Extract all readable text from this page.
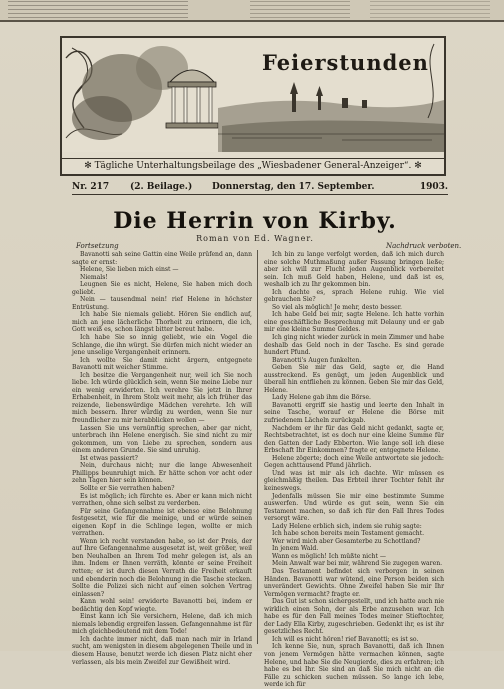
Feierstunden
✻ Tägliche Unterhaltungsbeilage des „Wiesbadener General-Anzeiger“. ✻
Nr. 217 (2. Beilage.) Donnerstag, den 17. September.	1903.
Die Herrin von Kirby.
Roman von Ed. Wagner.
Fortsetzung	Nachdruck verboten.

Bavanotti sah seine Gattin eine Weile prüfend an, dann sagte er ernst:

Helene, Sie lieben mich einst —

Niemals!

Leugnen Sie es nicht, Helene, Sie haben mich doch geliebt.

Nein — tausendmal nein! rief Helene in höchster Entrüstung.

Ich habe Sie niemals geliebt. Hören Sie endlich auf, mich an jene lächerliche Thorheit zu erinnern, die ich, Gott weiß es, schon längst bitter bereut habe.

Ich habe Sie so innig geliebt, wie ein Vogel die Schlange, die ihn würgt. Sie dürfen mich nicht wieder an jene unselige Vergangenheit erinnern.

Ich wollte Sie damit nicht ärgern, entgegnete Bavanotti mit weicher Stimme.

Ich besitze die Vergangenheit nur, weil ich Sie noch liebe. Ich würde glücklich sein, wenn Sie meine Liebe nur ein wenig erwiderten. Ich verehre Sie jetzt in Ihrer Erhabenheit, in Ihrem Stolz weit mehr, als ich früher das reizende, liebenswürdige Mädchen verehrte. Ich will mich bessern. Ihrer würdig zu werden, wenn Sie nur freundlicher zu mir herabblicken wollen —

Lassen Sie uns vernünftig sprechen, aber gar nicht, unterbrach ihn Helene energisch. Sie sind nicht zu mir gekommen, um von Liebe zu sprechen, sondern aus einem anderen Grunde. Sie sind unruhig.

Ist etwas passiert?

Nein, durchaus nicht; nur die lange Abwesenheit Phillipps beunruhigt mich. Er hätte schon vor acht oder zehn Tagen hier sein können.

Sollte er Sie verrathen haben?

Es ist möglich; ich fürchte es. Aber er kann mich nicht verrathen, ohne sich selbst zu verderben.

Für seine Gefangennahme ist ebenso eine Belohnung festgesetzt, wie für die meinige, und er würde seinen eigenen Kopf in die Schlinge legen, wollte er mich verrathen.

Wenn ich recht verstanden habe, so ist der Preis, der auf Ihre Gefangennahme ausgesetzt ist, weit größer, weil ben Neuhalben an Ihrem Tod mehr gelegen ist, als an ihm. Indem er Ihnen verräth, könnte er seine Freiheit retten; er ist durch diesen Verrath die Freiheit erkauft und ebenderin noch die Belohnung in die Tasche stecken. Sollte die Polizei sich nicht auf einen solchen Vertrag einlassen?

Kann wohl sein! erwiderte Bavanotti bei, indem er bedächtig den Kopf wiegte.

Einst kann ich Sie versichern, Helene, daß ich mich niemals lebendig ergreifen lassen. Gefangennahme ist für mich gleichbedeutend mit dem Tode!

Ich dachte immer nicht, daß man nach mir in Irland sucht, am wenigsten in diesem abgelegenen Theile und in diesem Hause, benutzt werde ich diesen Platz nicht eher verlassen, als bis mein Zweifel zur Gewißheit wird.

Ich bin zu lange verfolgt worden, daß ich mich durch eine solche Muthmaßung außer Fassung bringen ließe; aber ich will zur Flucht jeden Augenblick vorbereitet sein. Ich muß Geld haben, Helene, und daß ist es, weshalb ich zu Ihr gekommen bin.

Ich dachte es, sprach Helene ruhig. Wie viel gebrauchen Sie?

So viel als möglich! Je mehr, desto besser.

Ich habe Geld bei mir, sagte Helene. Ich hatte vorhin eine geschäftliche Besprechung mit Delauny und er gab mir eine kleine Summe Geldes.

Ich ging nicht wieder zurück in mein Zimmer und habe deshalb das Geld noch in der Tasche. Es sind gerade hundert Pfund.

Bavanotti's Augen funkelten.

Geben Sie mir das Geld, sagte er, die Hand ausstreckend. Es genügt, um jeden Augenblick und überall hin entfliehen zu können. Geben Sie mir das Geld, Helene.

Lady Helene gab ihm die Börse.

Bavanotti ergriff sie hastig und leerte den Inhalt in seine Tasche, worauf er Helene die Börse mit zufriedenem Lächeln zurückgab.

Nachdem er ihr für das Geld nicht gedankt, sagte er, Rechtsbetrachtet, ist es doch nur eine kleine Summe für den Gatten der Lady Ebberton. Wie lange soll ich diese Erbschaft Ihr Einkommen? fragte er, entgegnete Helene.

Helene zögerte; doch eine Weile antwortete sie jedoch: Gegen achttausend Pfund jährlich.

Und was ist mir als ich dachte. Wir müssen es gleichmäßig theilen. Das Erbteil ihrer Tochter fehlt ihr keineswegs.

Jedenfalls müssen Sie mir eine bestimmte Summe auswerfen. Und würde es gut sein, wenn Sie ein Testament machen, so daß ich für den Fall Ihres Todes versorgt wäre.

Lady Helene erblich sich, indem sie ruhig sagte:

Ich habe schon bereits mein Testament gemacht.

Wer wird mich aber Gesamterbe zu Schottland?

In jenem Wald.

Wann es möglich! Ich müßte nicht —

Mein Anwalt war bei mir, während Sie zugegen waren.

Das Testament befindet sich verborgen in seinen Händen. Bavanotti war wütend, eine Person beiden sich unverändert Gewichts. Ohne Zweifel haben Sie mir Ihr Vermögen vermacht? fragte er.

Das Gut ist schon sichergestellt, und ich hatte auch nie wirklich einen Sohn, der als Erbe anzusehen war. Ich habe es für den Fall meines Todes meiner Stieftochter, der Lady Ella Kirby, zugeschrieben. Gedenkt ihr, es ist ihr gesetzliches Recht.

Ich will es nicht hören! rief Bavanotti; es ist so.

Ich kenne Sie, nun, sprach Bavanotti, daß ich Ihnen von jenem Vermögen hätte vermachen können, sagte Helene, und habe Sie die Neugierde, dies zu erfahren; ich habe es bei Ihr. Sie sind an daß Sie mich nicht an die Fälle zu schicken suchen müssen. So lange ich lebe, werde ich für
